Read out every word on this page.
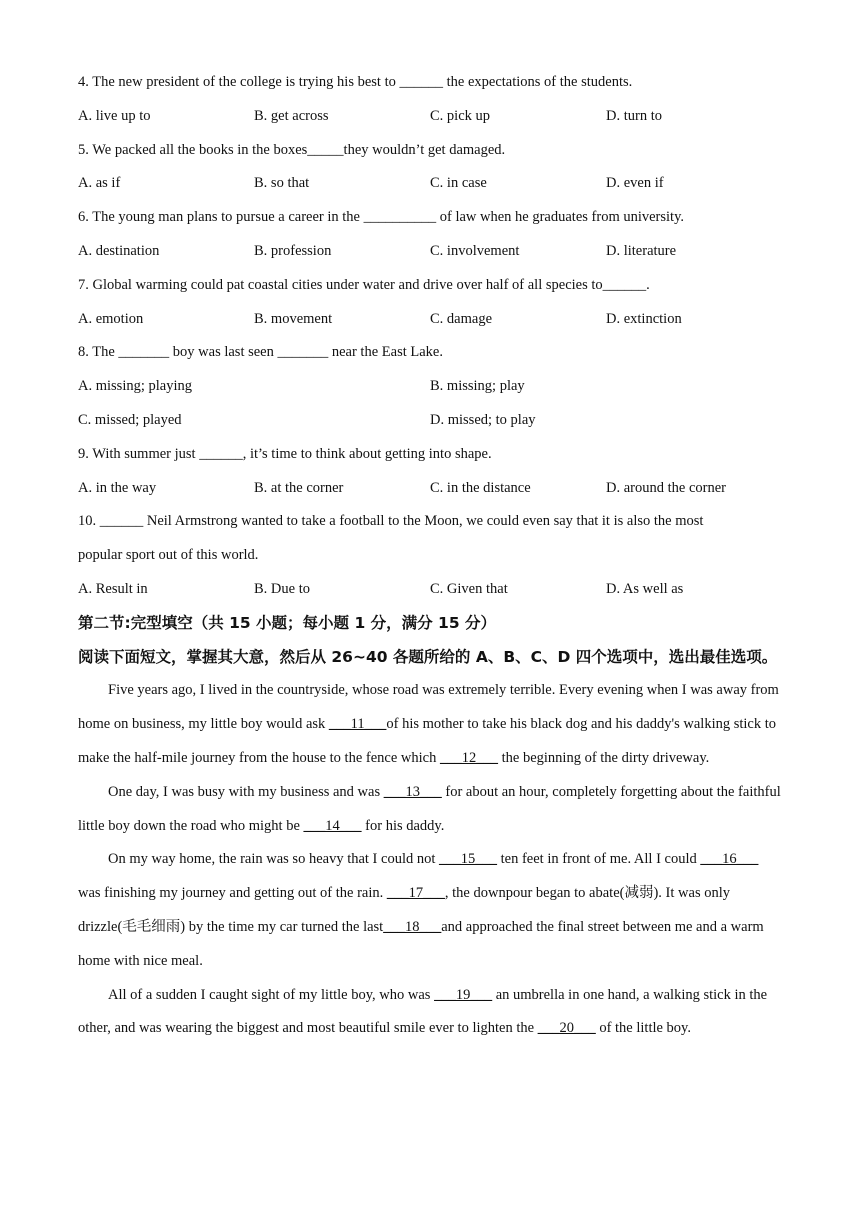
4. The new president of the college is trying his best to ______ the expectations of the students.
A. live up to	B. get across	C. pick up	D. turn to
5. We packed all the books in the boxes_____they wouldn’t get damaged.
A. as if	B. so that	C. in case	D. even if
6. The young man plans to pursue a career in the __________ of law when he graduates from university.
A. destination	B. profession	C. involvement	D. literature
7. Global warming could pat coastal cities under water and drive over half of all species to______.
A. emotion	B. movement	C. damage	D. extinction
8. The _______ boy was last seen _______ near the East Lake.
A. missing; playing	B. missing; play
C. missed; played	D. missed; to play
9. With summer just ______, it’s time to think about getting into shape.
A. in the way	B. at the corner	C. in the distance	D. around the corner
10. ______ Neil Armstrong wanted to take a football to the Moon, we could even say that it is also the most
popular sport out of this world.
A. Result in	B. Due to	C. Given that	D. As well as
第二节:完型填空（共 15 小题；每小题 1 分，满分 15 分）
阅读下面短文，掌握其大意，然后从 26~40 各题所给的 A、B、C、D 四个选项中，选出最佳选项。

Five years ago, I lived in the countryside, whose road was extremely terrible. Every evening when I was away from home on business, my little boy would ask ___11___of his mother to take his black dog and his daddy's walking stick to make the half-mile journey from the house to the fence which ___12___ the beginning of the dirty driveway.

One day, I was busy with my business and was ___13___ for about an hour, completely forgetting about the faithful little boy down the road who might be ___14___ for his daddy.

On my way home, the rain was so heavy that I could not ___15___ ten feet in front of me. All I could ___16___ was finishing my journey and getting out of the rain. ___17___, the downpour began to abate(减弱). It was only drizzle(毛毛细雨) by the time my car turned the last___18___and approached the final street between me and a warm home with nice meal.

All of a sudden I caught sight of my little boy, who was ___19___ an umbrella in one hand, a walking stick in the other, and was wearing the biggest and most beautiful smile ever to lighten the ___20___ of the little boy.
